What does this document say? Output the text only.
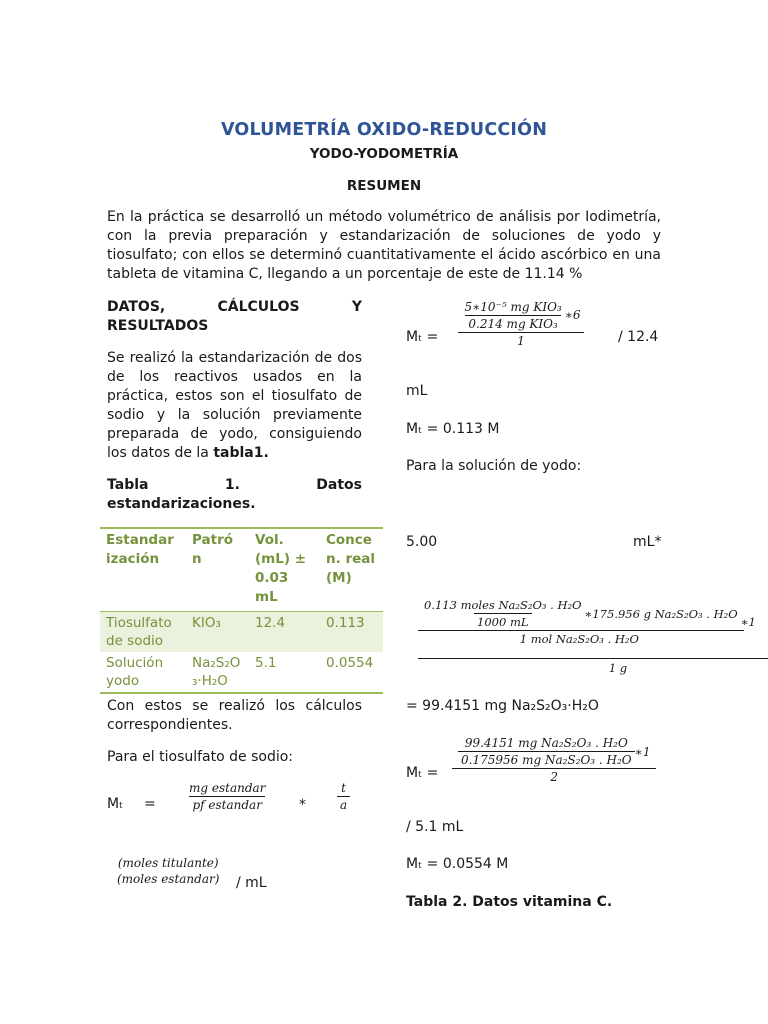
VOLUMETRÍA OXIDO-REDUCCIÓN
YODO-YODOMETRÍA
RESUMEN
En la práctica se desarrolló un método volumétrico de análisis por Iodimetría, con la previa preparación y estandarización de soluciones de yodo y tiosulfato; con ellos se determinó cuantitativamente el ácido ascórbico en una tableta de vitamina C, llegando a un porcentaje de este de 11.14 %
DATOS, CÁLCULOS Y
RESULTADOS
Se realizó la estandarización de dos de los reactivos usados en la práctica, estos son el tiosulfato de sodio y la solución previamente preparada de yodo, consiguiendo los datos de la tabla1.
Tabla 1. Datos
estandarizaciones.
Estandar ización	Patró n	Vol. (mL) ± 0.03 mL	Conce n. real (M)
Tiosulfato de sodio	KIO₃	12.4	0.113
Solución yodo	Na₂S₂O₃·H₂O	5.1	0.0554
Con estos se realizó los cálculos correspondientes.
Para el tiosulfato de sodio:
Mₜ =	$\frac{\text{mg estandar}}{\text{pf estandar}}$ *	$\frac{t}{a}$
(moles titulante)
(moles estandar) / mL
$M_t = \frac{\frac{\text{5∗10⁻⁵ mg KIO₃}}{\text{0.214 mg KIO₃}} ∗6}{1} / 12.4$
mL
Mₜ = 0.113 M
Para la solución de yodo:
5.00	mL*
$\frac{\text{0.113 moles Na₂S₂O₃ . H₂O}}{1000 mL}$ ∗175.956 g Na₂S₂O₃ . H₂O
1 mol Na₂S₂O₃ . H₂O
∗1
1 g
= 99.4151 mg Na₂S₂O₃·H₂O
Mₜ =
$\frac{\text{99.4151 mg Na₂S₂O₃ . H₂O}}{\text{0.175956 mg Na₂S₂O₃ . H₂O}}$ ∗1
2
/ 5.1 mL
Mₜ = 0.0554 M
Tabla 2. Datos vitamina C.
